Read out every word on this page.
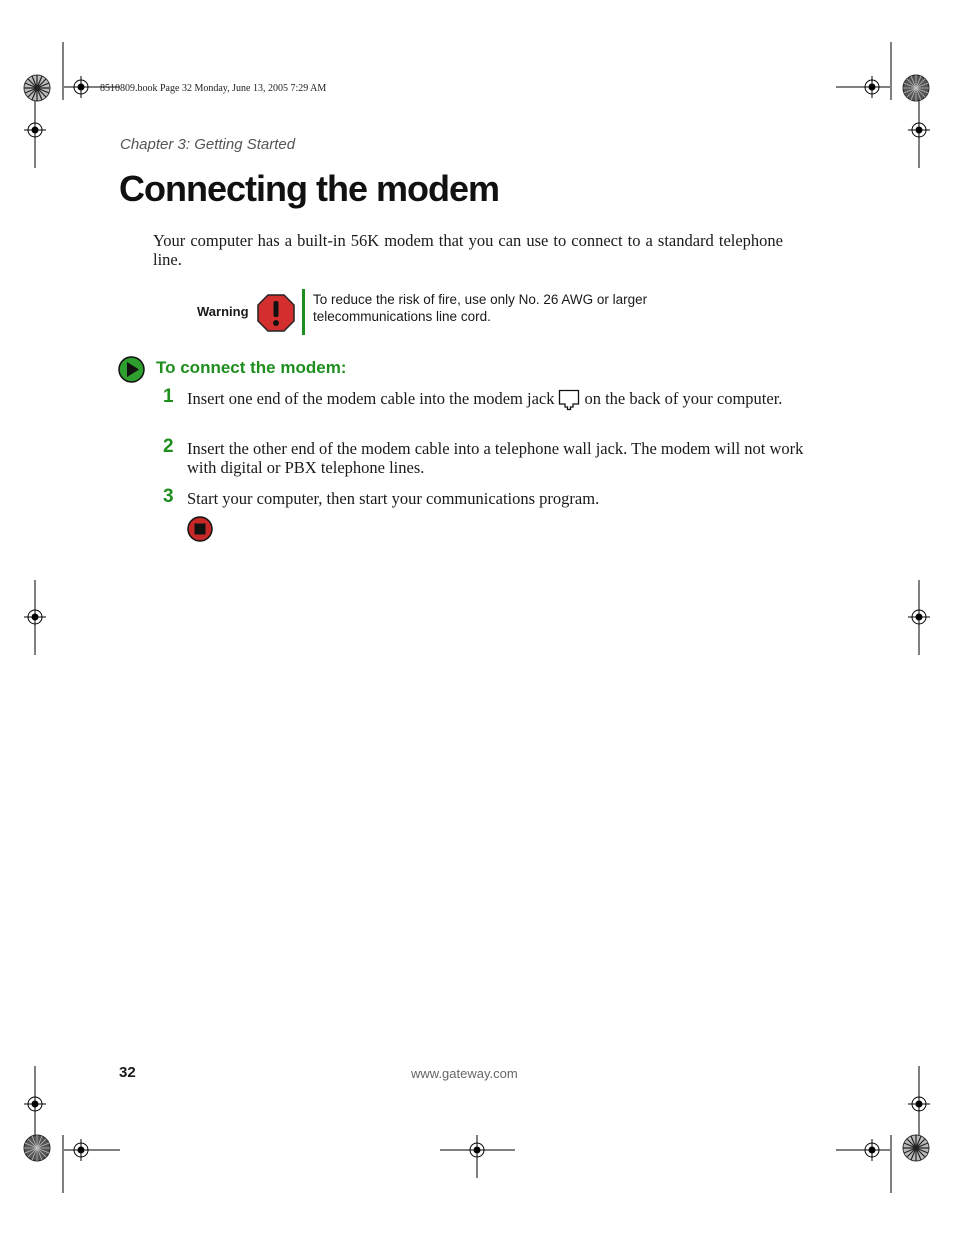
8510809.book Page 32 Monday, June 13, 2005 7:29 AM
Chapter 3: Getting Started
Connecting the modem

Your computer has a built-in 56K modem that you can use to connect to a standard telephone line.

Warning
To reduce the risk of fire, use only No. 26 AWG or larger telecommunications line cord.
To connect the modem:
1 Insert one end of the modem cable into the modem jack on the back of your computer.
2 Insert the other end of the modem cable into a telephone wall jack. The modem will not work with digital or PBX telephone lines.
3 Start your computer, then start your communications program.
32	www.gateway.com
